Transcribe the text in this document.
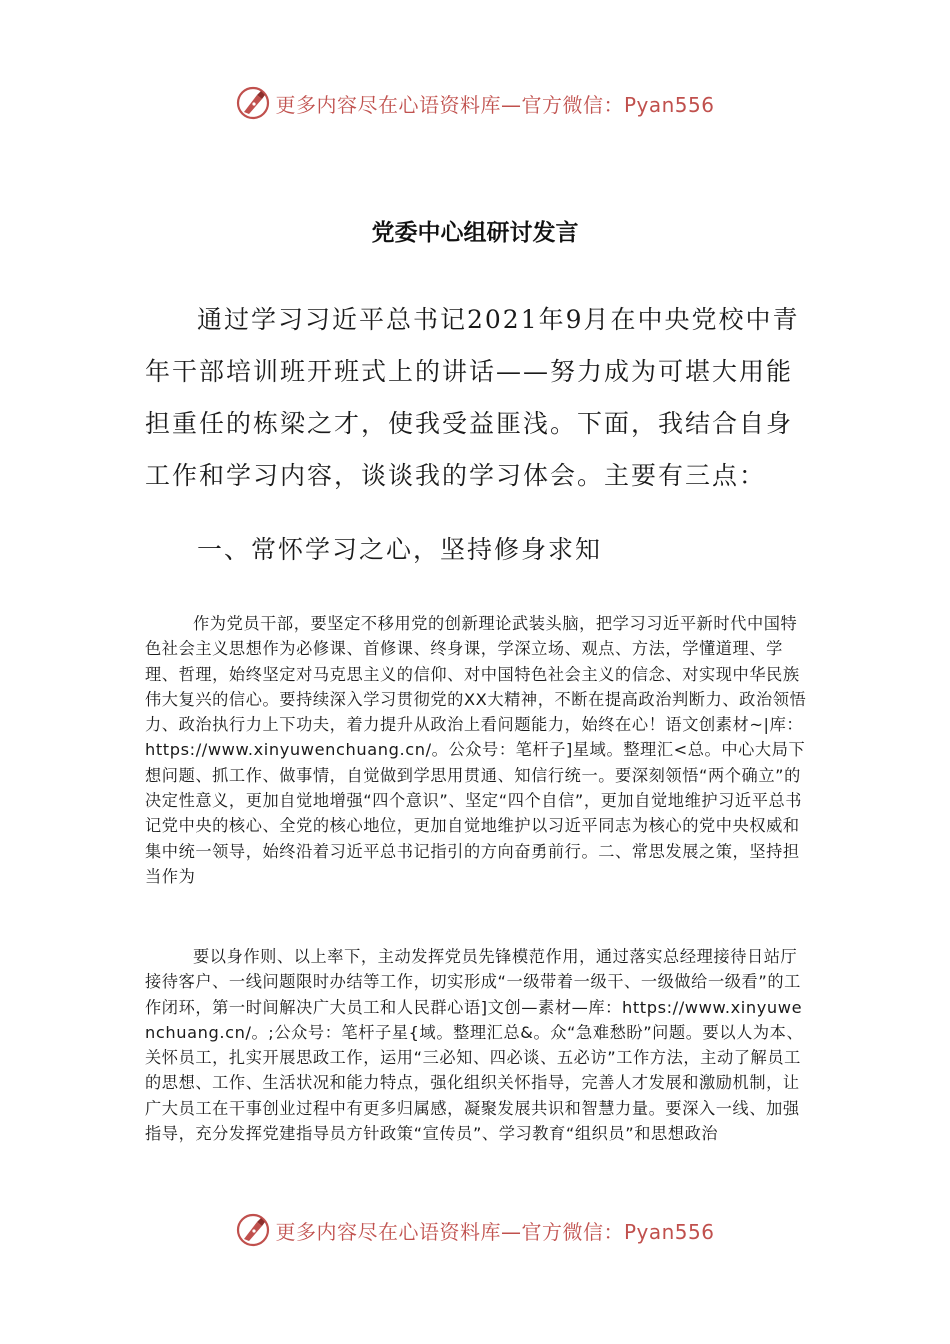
更多内容尽在心语资料库—官方微信：Pyan556
党委中心组研讨发言

通过学习习近平总书记2021年9月在中央党校中青年干部培训班开班式上的讲话——努力成为可堪大用能担重任的栋梁之才，使我受益匪浅。下面，我结合自身工作和学习内容，谈谈我的学习体会。主要有三点：

一、常怀学习之心，坚持修身求知

作为党员干部，要坚定不移用党的创新理论武装头脑，把学习习近平新时代中国特色社会主义思想作为必修课、首修课、终身课，学深立场、观点、方法，学懂道理、学理、哲理，始终坚定对马克思主义的信仰、对中国特色社会主义的信念、对实现中华民族伟大复兴的信心。要持续深入学习贯彻党的XX大精神，不断在提高政治判断力、政治领悟力、政治执行力上下功夫，着力提升从政治上看问题能力，始终在心！语文创素材~|库：https://www.xinyuwenchuang.cn/。公众号：笔杆子]星域。整理汇<总。中心大局下想问题、抓工作、做事情，自觉做到学思用贯通、知信行统一。要深刻领悟“两个确立”的决定性意义，更加自觉地增强“四个意识”、坚定“四个自信”，更加自觉地维护习近平总书记党中央的核心、全党的核心地位，更加自觉地维护以习近平同志为核心的党中央权威和集中统一领导，始终沿着习近平总书记指引的方向奋勇前行。二、常思发展之策，坚持担当作为

要以身作则、以上率下，主动发挥党员先锋模范作用，通过落实总经理接待日站厅接待客户、一线问题限时办结等工作，切实形成“一级带着一级干、一级做给一级看”的工作闭环，第一时间解决广大员工和人民群心语]文创—素材—库：https://www.xinyuwenchuang.cn/。;公众号：笔杆子星{域。整理汇总&。众“急难愁盼”问题。要以人为本、关怀员工，扎实开展思政工作，运用“三必知、四必谈、五必访”工作方法，主动了解员工的思想、工作、生活状况和能力特点，强化组织关怀指导，完善人才发展和激励机制，让广大员工在干事创业过程中有更多归属感，凝聚发展共识和智慧力量。要深入一线、加强指导，充分发挥党建指导员方针政策“宣传员”、学习教育“组织员”和思想政治

更多内容尽在心语资料库—官方微信：Pyan556
